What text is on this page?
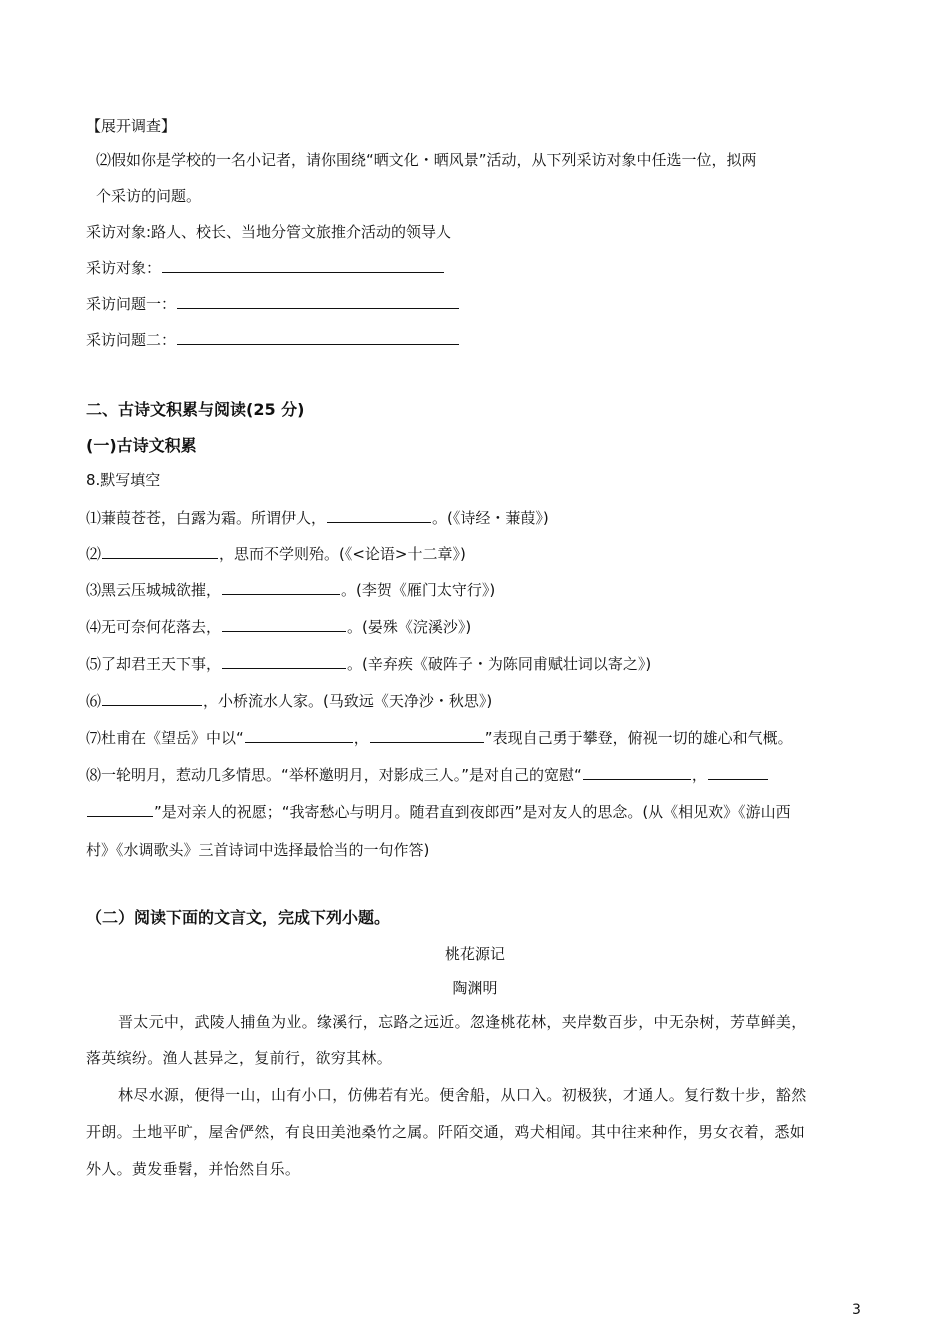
【展开调查】
⑵假如你是学校的一名小记者，请你围绕“晒文化・晒风景”活动，从下列采访对象中任选一位，拟两
个采访的问题。
采访对象:路人、校长、当地分管文旅推介活动的领导人
采访对象：
采访问题一：
采访问题二：
二、古诗文积累与阅读(25 分)
(一)古诗文积累
8.默写填空
⑴蒹葭苍苍，白露为霜。所谓伊人，	。(《诗经・蒹葭》)
⑵	，思而不学则殆。(《<论语>十二章》)
⑶黑云压城城欲摧，	。(李贺《雁门太守行》)
⑷无可奈何花落去，	。(晏殊《浣溪沙》)
⑸了却君王天下事，	。(辛弃疾《破阵子・为陈同甫赋壮词以寄之》)
⑹	，小桥流水人家。(马致远《天净沙・秋思》)
⑺杜甫在《望岳》中以“	，	”表现自己勇于攀登，俯视一切的雄心和气概。
⑻一轮明月，惹动几多情思。“举杯邀明月，对影成三人。”是对自己的宽慰“	，
”是对亲人的祝愿；“我寄愁心与明月。随君直到夜郎西”是对友人的思念。(从《相见欢》《游山西
村》《水调歌头》三首诗词中选择最恰当的一句作答)
（二）阅读下面的文言文，完成下列小题。
桃花源记
陶渊明
晋太元中，武陵人捕鱼为业。缘溪行，忘路之远近。忽逢桃花林，夹岸数百步，中无杂树，芳草鲜美，
落英缤纷。渔人甚异之，复前行，欲穷其林。
林尽水源，便得一山，山有小口，仿佛若有光。便舍船，从口入。初极狭，才通人。复行数十步，豁然
开朗。土地平旷，屋舍俨然，有良田美池桑竹之属。阡陌交通，鸡犬相闻。其中往来种作，男女衣着，悉如
外人。黄发垂髫，并怡然自乐。
3
